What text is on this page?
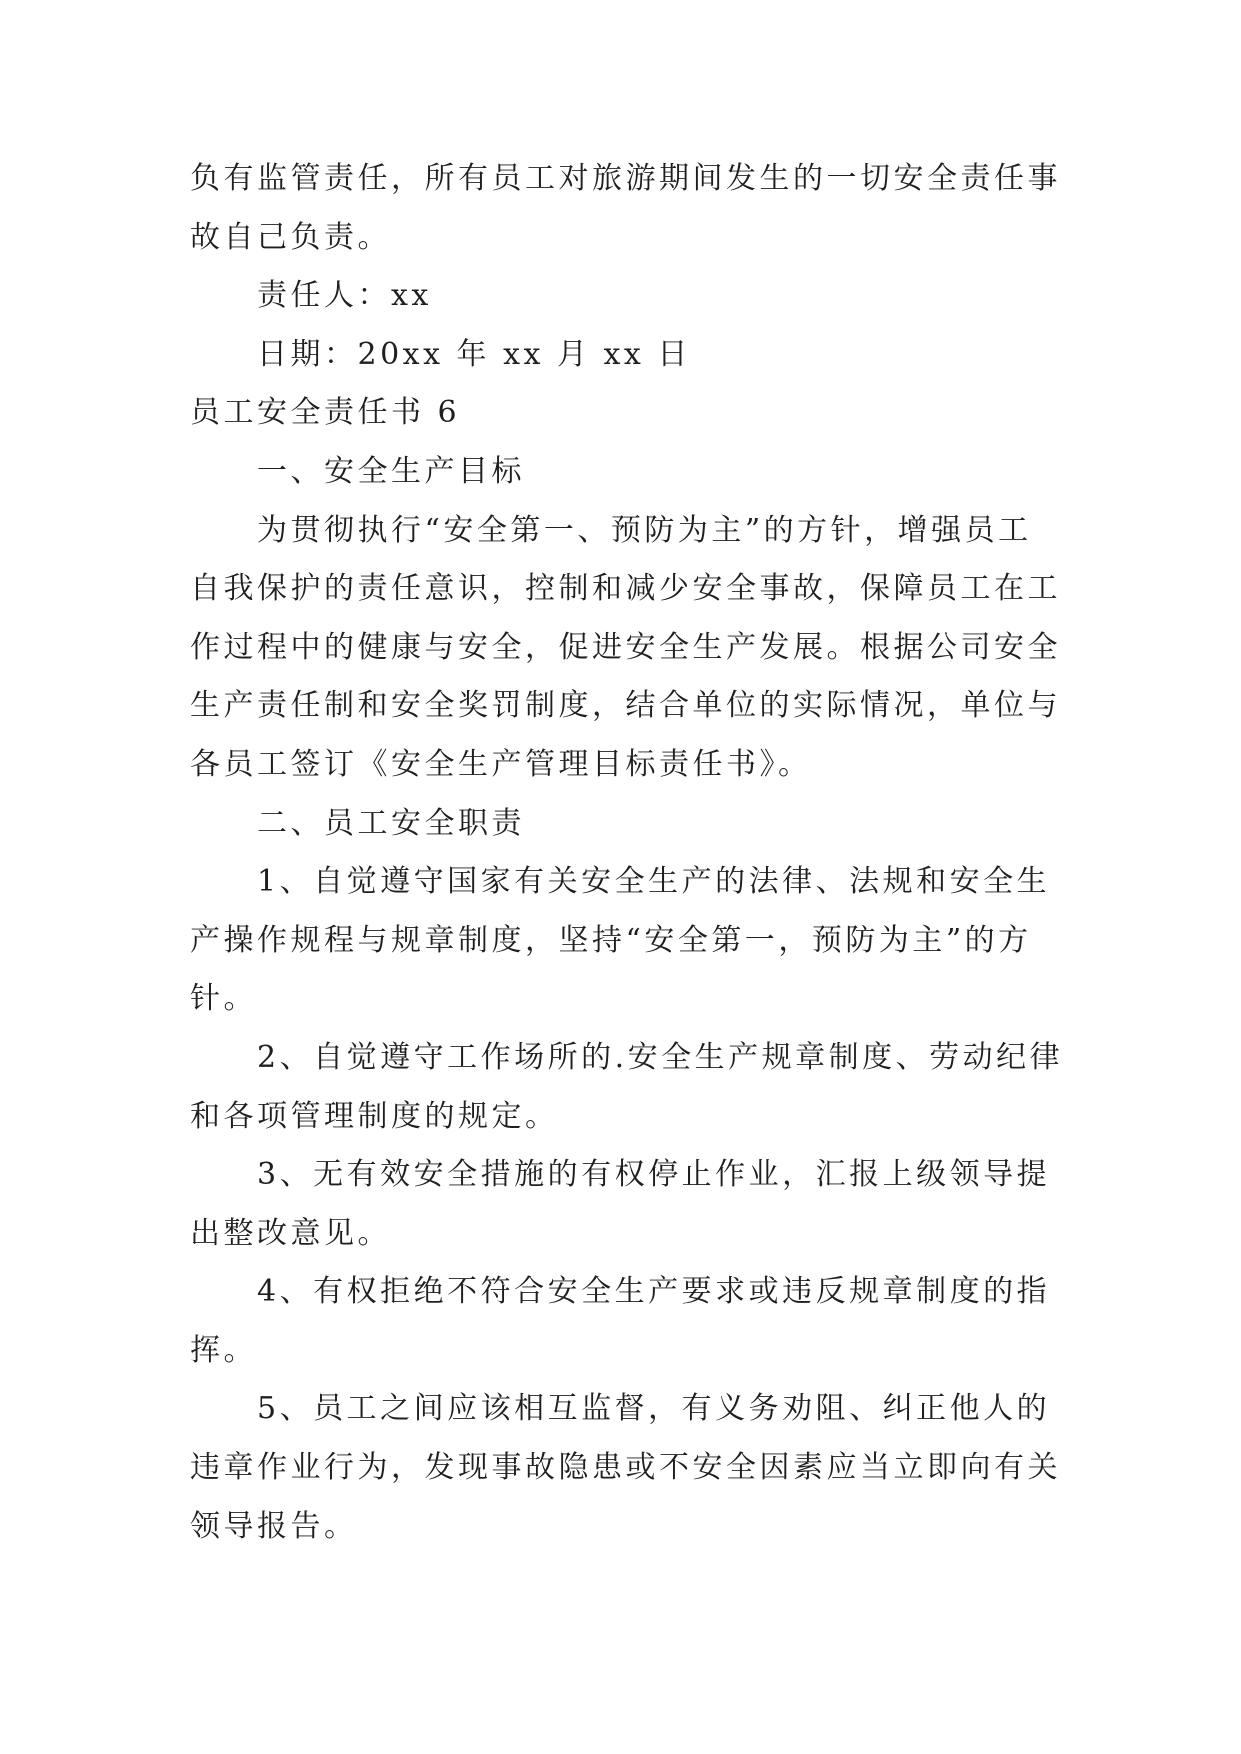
负有监管责任，所有员工对旅游期间发生的一切安全责任事

故自己负责。

责任人：xx

日期：20xx 年 xx 月 xx 日

员工安全责任书 6

一、安全生产目标

为贯彻执行“安全第一、预防为主”的方针，增强员工

自我保护的责任意识，控制和减少安全事故，保障员工在工

作过程中的健康与安全，促进安全生产发展。根据公司安全

生产责任制和安全奖罚制度，结合单位的实际情况，单位与

各员工签订《安全生产管理目标责任书》。

二、员工安全职责

1、自觉遵守国家有关安全生产的法律、法规和安全生

产操作规程与规章制度，坚持“安全第一，预防为主”的方

针。

2、自觉遵守工作场所的.安全生产规章制度、劳动纪律

和各项管理制度的规定。

3、无有效安全措施的有权停止作业，汇报上级领导提

出整改意见。

4、有权拒绝不符合安全生产要求或违反规章制度的指

挥。

5、员工之间应该相互监督，有义务劝阻、纠正他人的

违章作业行为，发现事故隐患或不安全因素应当立即向有关

领导报告。
